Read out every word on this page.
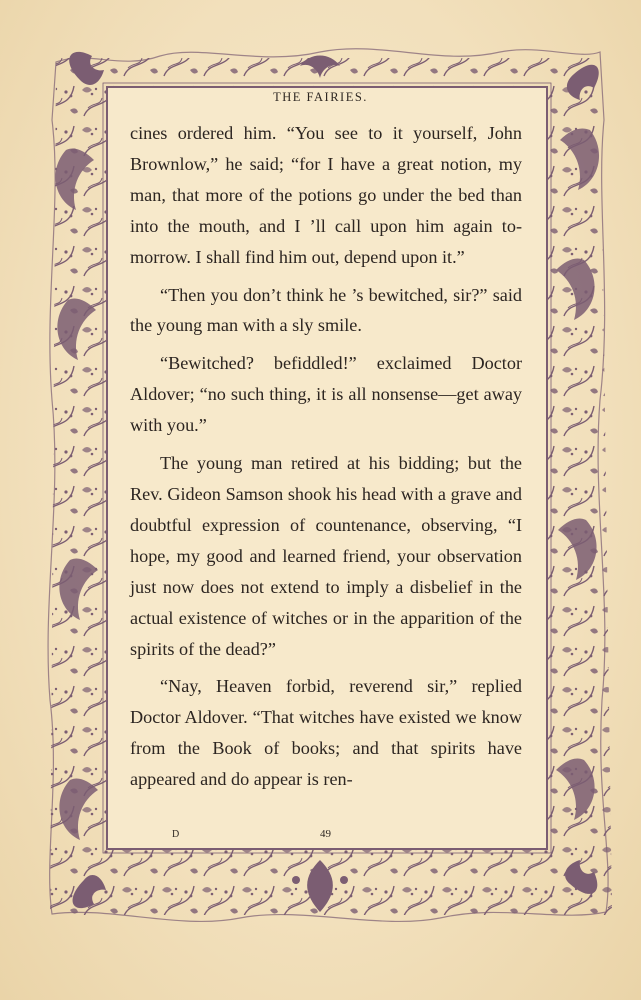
THE FAIRIES.

cines ordered him. “You see to it yourself, John Brownlow,” he said; “for I have a great notion, my man, that more of the potions go under the bed than into the mouth, and I ’ll call upon him again to-morrow. I shall find him out, depend upon it.”

“Then you don’t think he ’s bewitched, sir?” said the young man with a sly smile.

“Bewitched? befiddled!” exclaimed Doctor Aldover; “no such thing, it is all nonsense—get away with you.”

The young man retired at his bidding; but the Rev. Gideon Samson shook his head with a grave and doubtful expression of countenance, observing, “I hope, my good and learned friend, your observation just now does not extend to imply a disbelief in the actual existence of witches or in the apparition of the spirits of the dead?”

“Nay, Heaven forbid, reverend sir,” replied Doctor Aldover. “That witches have existed we know from the Book of books; and that spirits have appeared and do appear is ren-

D	49
